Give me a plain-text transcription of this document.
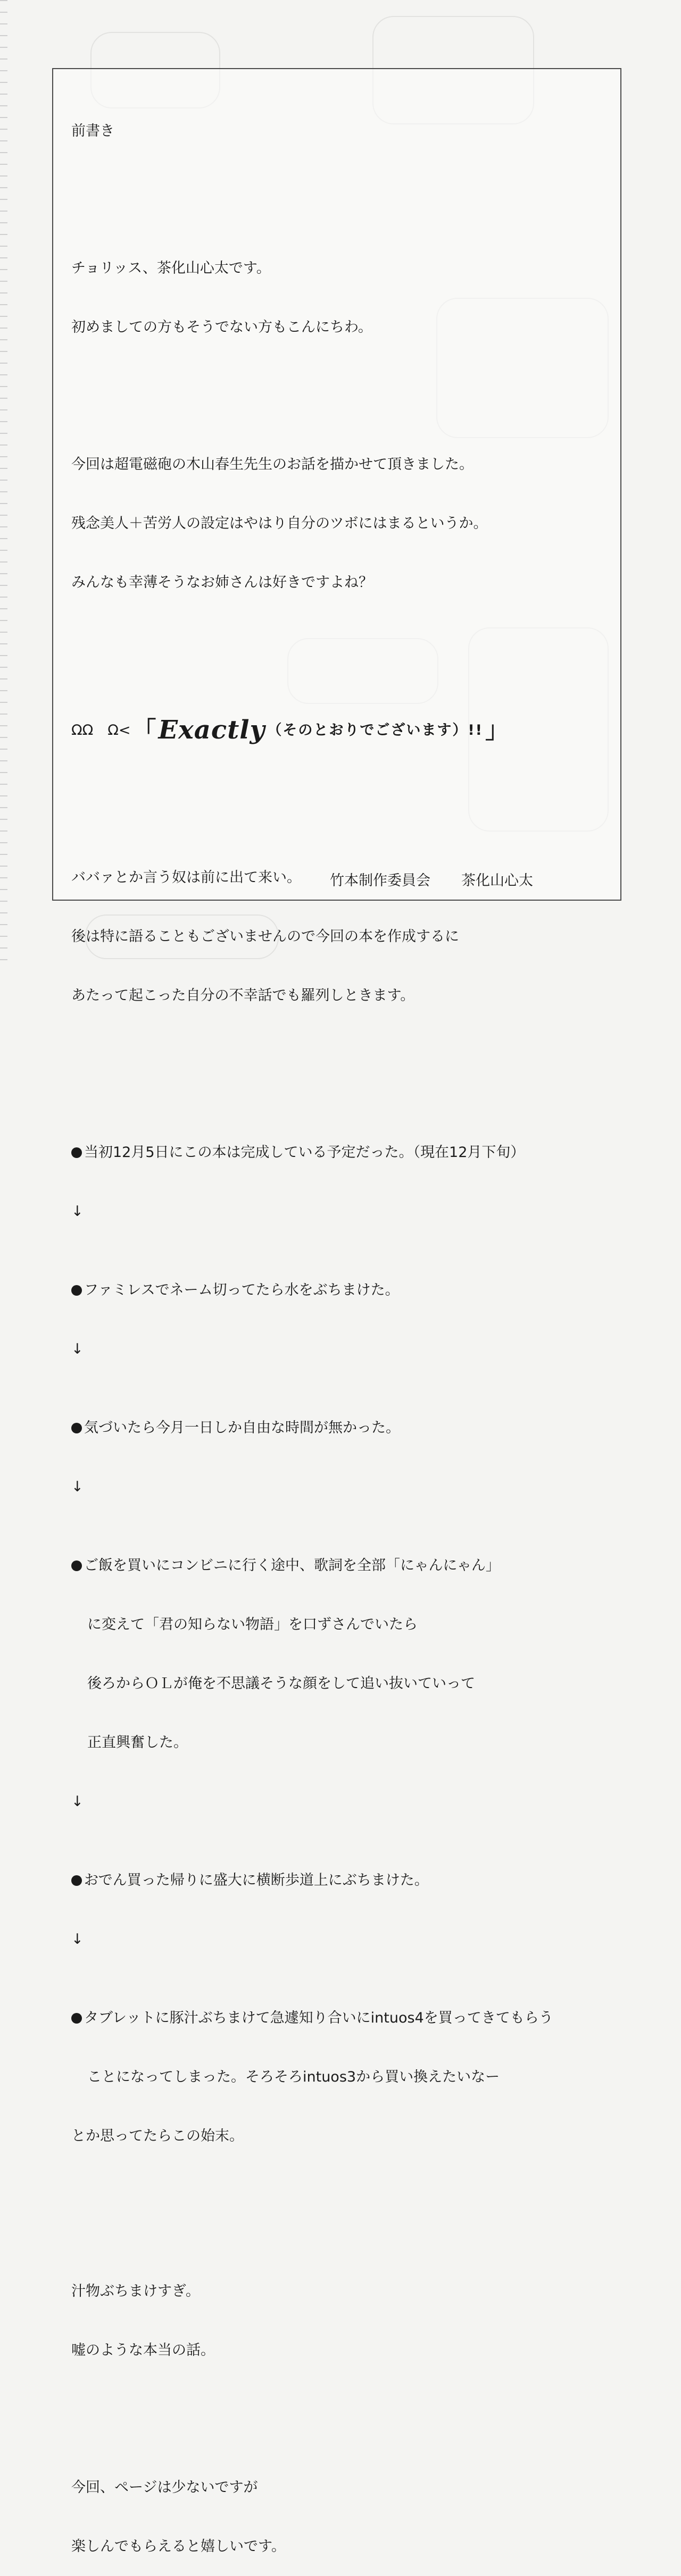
前書き

チョリッス、茶化山心太です。

初めましての方もそうでない方もこんにちわ。

今回は超電磁砲の木山春生先生のお話を描かせて頂きました。

残念美人＋苦労人の設定はやはり自分のツボにはまるというか。

みんなも幸薄そうなお姉さんは好きですよね？

ΩΩ　Ω< 「 Exactly （そのとおりでございます）!! 」

ババァとか言う奴は前に出て来い。

後は特に語ることもございませんので今回の本を作成するに

あたって起こった自分の不幸話でも羅列しときます。

当初12月5日にこの本は完成している予定だった。（現在12月下旬）

↓

ファミレスでネーム切ってたら水をぶちまけた。

↓

気づいたら今月一日しか自由な時間が無かった。

↓

ご飯を買いにコンビニに行く途中、歌詞を全部「にゃんにゃん」

に変えて「君の知らない物語」を口ずさんでいたら

後ろからＯＬが俺を不思議そうな顔をして追い抜いていって

正直興奮した。

↓

おでん買った帰りに盛大に横断歩道上にぶちまけた。

↓

タブレットに豚汁ぶちまけて急遽知り合いにintuos4を買ってきてもらう

ことになってしまった。そろそろintuos3から買い換えたいなー

とか思ってたらこの始末。

汁物ぶちまけすぎ。

嘘のような本当の話。

今回、ページは少ないですが

楽しんでもらえると嬉しいです。

竹本制作委員会 茶化山心太
